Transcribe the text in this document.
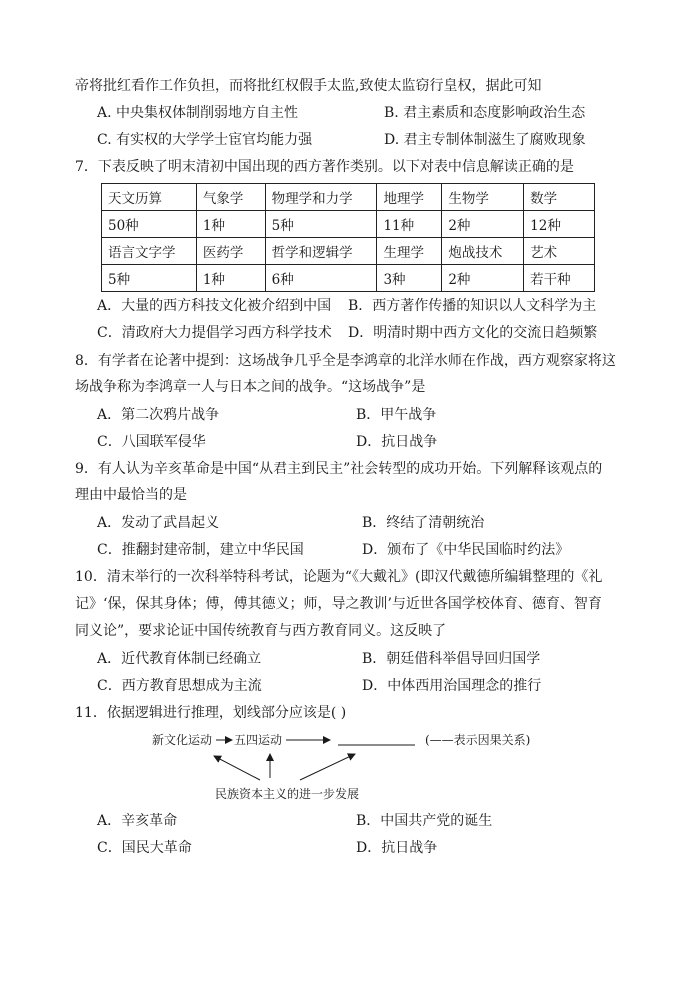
帝将批红看作工作负担，而将批红权假手太监,致使太监窃行皇权，据此可知
A. 中央集权体制削弱地方自主性	B. 君主素质和态度影响政治生态
C. 有实权的大学学士宦官均能力强	D. 君主专制体制滋生了腐败现象
7．下表反映了明末清初中国出现的西方著作类别。以下对表中信息解读正确的是
天文历算	气象学	物理学和力学	地理学	生物学	数学
50种	1种	5种	11种	2种	12种
语言文字学	医药学	哲学和逻辑学	生理学	炮战技术	艺术
5种	1种	6种	3种	2种	若干种
A．大量的西方科技文化被介绍到中国 B．西方著作传播的知识以人文科学为主
C．清政府大力提倡学习西方科学技术 D．明清时期中西方文化的交流日趋频繁
8．有学者在论著中提到：这场战争几乎全是李鸿章的北洋水师在作战，西方观察家将这
场战争称为李鸿章一人与日本之间的战争。“这场战争”是
A．第二次鸦片战争	B．甲午战争
C．八国联军侵华	D．抗日战争
9．有人认为辛亥革命是中国“从君主到民主”社会转型的成功开始。下列解释该观点的
理由中最恰当的是
A．发动了武昌起义	B．终结了清朝统治
C．推翻封建帝制，建立中华民国	D．颁布了《中华民国临时约法》
10．清末举行的一次科举特科考试，论题为“《大戴礼》(即汉代戴德所编辑整理的《礼
记》‘保，保其身体；傅，傅其德义；师，导之教训’与近世各国学校体育、德育、智育
同义论”，要求论证中国传统教育与西方教育同义。这反映了
A．近代教育体制已经确立	B．朝廷借科举倡导回归国学
C．西方教育思想成为主流	D．中体西用治国理念的推行
11．依据逻辑进行推理，划线部分应该是( )
新文化运动 五四运动	(——表示因果关系)
民族资本主义的进一步发展
A．辛亥革命	B．中国共产党的诞生
C．国民大革命	D．抗日战争
